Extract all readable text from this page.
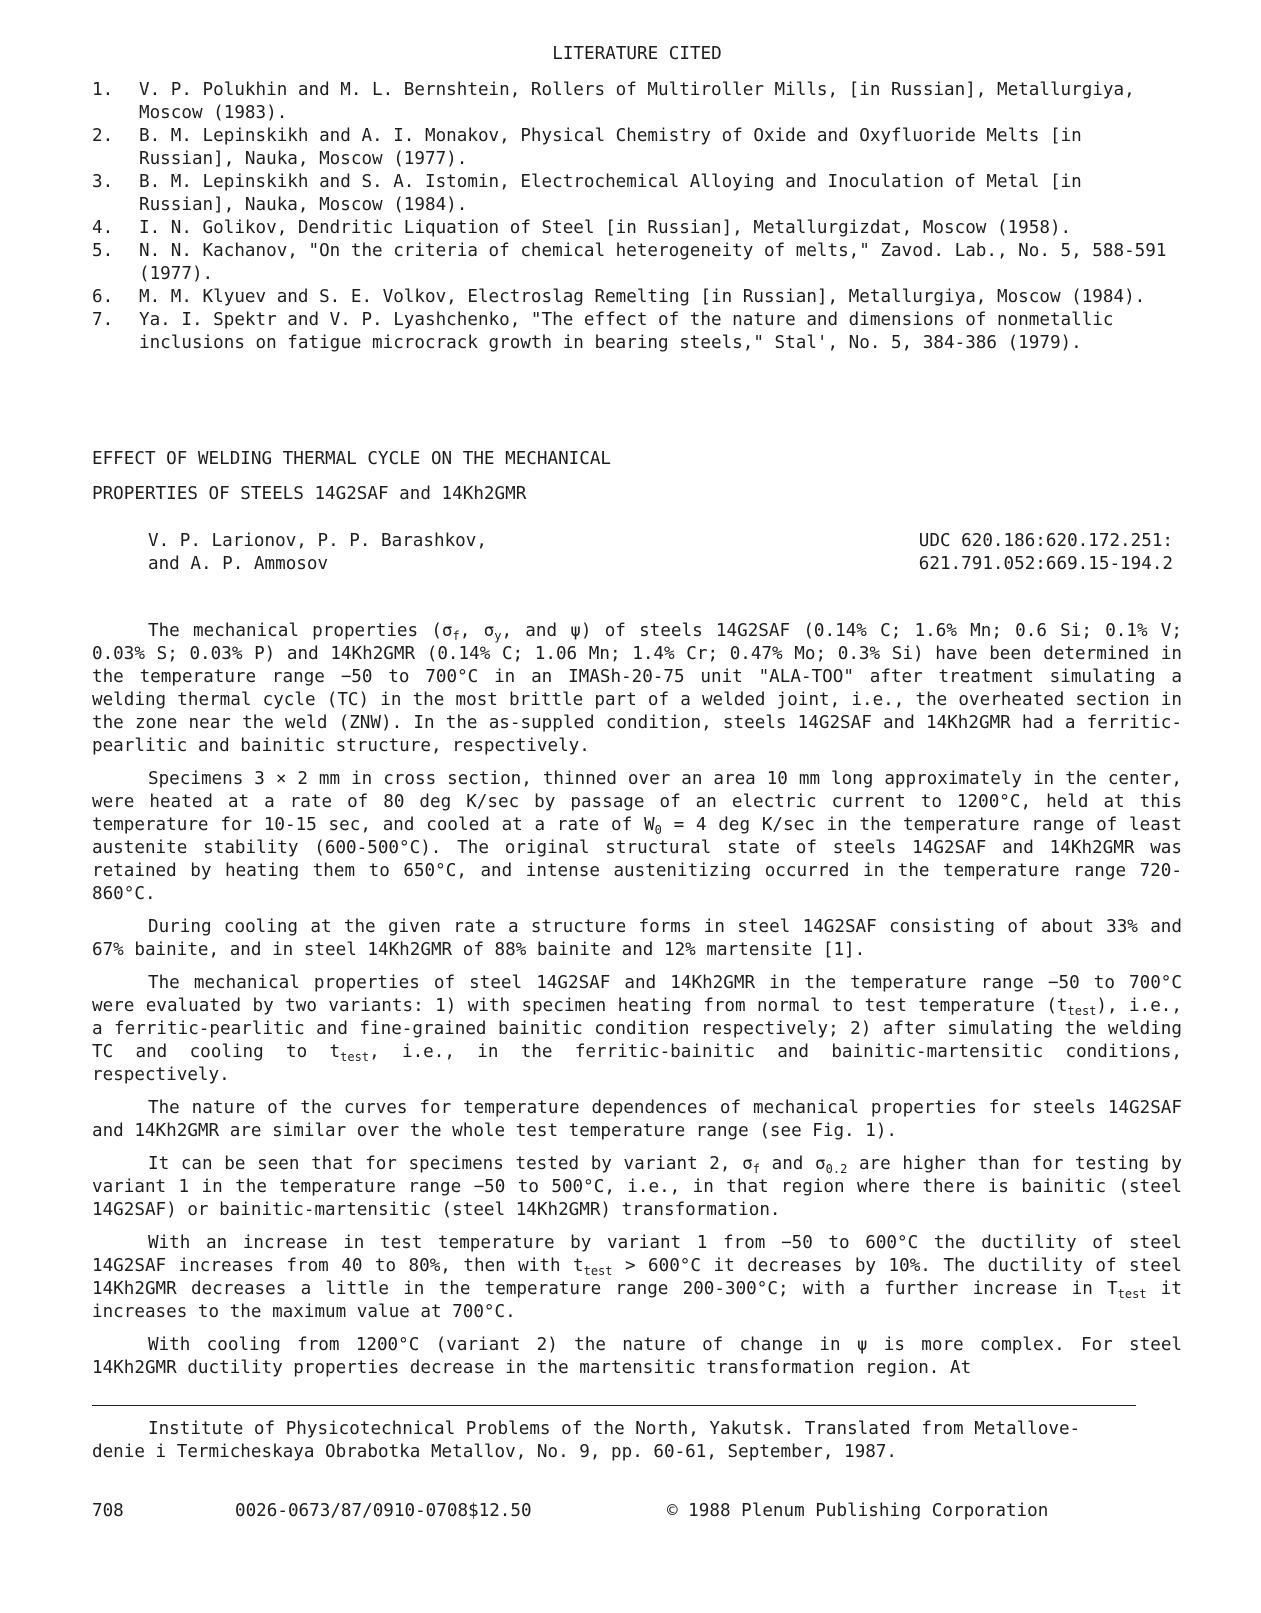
LITERATURE CITED
1.	V. P. Polukhin and M. L. Bernshtein, Rollers of Multiroller Mills, [in Russian], Metallurgiya, Moscow (1983).
2.	B. M. Lepinskikh and A. I. Monakov, Physical Chemistry of Oxide and Oxyfluoride Melts [in Russian], Nauka, Moscow (1977).
3.	B. M. Lepinskikh and S. A. Istomin, Electrochemical Alloying and Inoculation of Metal [in Russian], Nauka, Moscow (1984).
4.	I. N. Golikov, Dendritic Liquation of Steel [in Russian], Metallurgizdat, Moscow (1958).
5.	N. N. Kachanov, "On the criteria of chemical heterogeneity of melts," Zavod. Lab., No. 5, 588-591 (1977).
6.	M. M. Klyuev and S. E. Volkov, Electroslag Remelting [in Russian], Metallurgiya, Moscow (1984).
7.	Ya. I. Spektr and V. P. Lyashchenko, "The effect of the nature and dimensions of nonmetallic inclusions on fatigue microcrack growth in bearing steels," Stal', No. 5, 384-386 (1979).
EFFECT OF WELDING THERMAL CYCLE ON THE MECHANICAL
PROPERTIES OF STEELS 14G2SAF and 14Kh2GMR
V. P. Larionov, P. P. Barashkov,
and A. P. Ammosov
UDC 620.186:620.172.251:
621.791.052:669.15-194.2

The mechanical properties ($\sigma_f$, $\sigma_y$, and ψ) of steels 14G2SAF (0.14% C; 1.6% Mn; 0.6 Si; 0.1% V; 0.03% S; 0.03% P) and 14Kh2GMR (0.14% C; 1.06 Mn; 1.4% Cr; 0.47% Mo; 0.3% Si) have been determined in the temperature range −50 to 700°C in an IMASh-20-75 unit "ALA-TOO" after treatment simulating a welding thermal cycle (TC) in the most brittle part of a welded joint, i.e., the overheated section in the zone near the weld (ZNW). In the as-suppled condition, steels 14G2SAF and 14Kh2GMR had a ferritic-pearlitic and bainitic structure, respectively.

Specimens 3 × 2 mm in cross section, thinned over an area 10 mm long approximately in the center, were heated at a rate of 80 deg K/sec by passage of an electric current to 1200°C, held at this temperature for 10-15 sec, and cooled at a rate of $W_0 = 4$ deg K/sec in the temperature range of least austenite stability (600-500°C). The original structural state of steels 14G2SAF and 14Kh2GMR was retained by heating them to 650°C, and intense austenitizing occurred in the temperature range 720-860°C.

During cooling at the given rate a structure forms in steel 14G2SAF consisting of about 33% and 67% bainite, and in steel 14Kh2GMR of 88% bainite and 12% martensite [1].

The mechanical properties of steel 14G2SAF and 14Kh2GMR in the temperature range −50 to 700°C were evaluated by two variants: 1) with specimen heating from normal to test temperature $(t_{test})$, i.e., a ferritic-pearlitic and fine-grained bainitic condition respectively; 2) after simulating the welding TC and cooling to $t_{test}$, i.e., in the ferritic-bainitic and bainitic-martensitic conditions, respectively.

The nature of the curves for temperature dependences of mechanical properties for steels 14G2SAF and 14Kh2GMR are similar over the whole test temperature range (see Fig. 1).

It can be seen that for specimens tested by variant 2, $\sigma_f$ and $\sigma_{0.2}$ are higher than for testing by variant 1 in the temperature range −50 to 500°C, i.e., in that region where there is bainitic (steel 14G2SAF) or bainitic-martensitic (steel 14Kh2GMR) transformation.

With an increase in test temperature by variant 1 from −50 to 600°C the ductility of steel 14G2SAF increases from 40 to 80%, then with $t_{test} > 600^\circ C$ it decreases by 10%. The ductility of steel 14Kh2GMR decreases a little in the temperature range 200-300°C; with a further increase in $T_{test}$ it increases to the maximum value at 700°C.

With cooling from 1200°C (variant 2) the nature of change in ψ is more complex. For steel 14Kh2GMR ductility properties decrease in the martensitic transformation region. At

Institute of Physicotechnical Problems of the North, Yakutsk. Translated from Metallove-
denie i Termicheskaya Obrabotka Metallov, No. 9, pp. 60-61, September, 1987.
708	0026-0673/87/0910-0708$12.50	© 1988 Plenum Publishing Corporation
